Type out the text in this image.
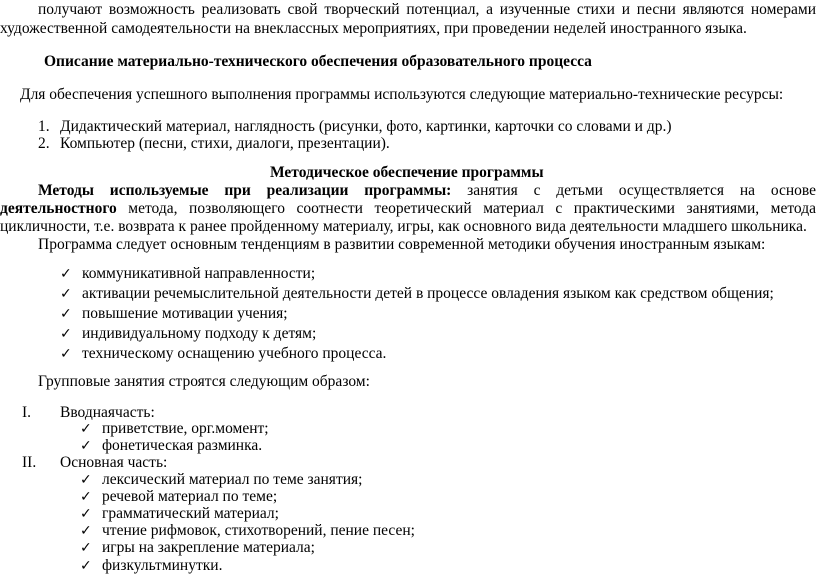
получают возможность реализовать свой творческий потенциал, а изученные стихи и песни являются номерами
художественной самодеятельности на внеклассных мероприятиях, при проведении неделей иностранного языка.
Описание материально-технического обеспечения образовательного процесса
Для обеспечения успешного выполнения программы используются следующие материально-технические ресурсы:
1. Дидактический материал, наглядность (рисунки, фото, картинки, карточки со словами и др.)
2. Компьютер (песни, стихи, диалоги, презентации).
Методическое обеспечение программы
Методы используемые при реализации программы: занятия с детьми осуществляется на основе
деятельностного метода, позволяющего соотнести теоретический материал с практическими занятиями, метода
цикличности, т.е. возврата к ранее пройденному материалу, игры, как основного вида деятельности младшего школьника.
Программа следует основным тенденциям в развитии современной методики обучения иностранным языкам:
✓ коммуникативной направленности;
✓ активации речемыслительной деятельности детей в процессе овладения языком как средством общения;
✓ повышение мотивации учения;
✓ индивидуальному подходу к детям;
✓ техническому оснащению учебного процесса.
Групповые занятия строятся следующим образом:
I. Вводнаячасть:
✓ приветствие, орг.момент;
✓ фонетическая разминка.
II. Основная часть:
✓ лексический материал по теме занятия;
✓ речевой материал по теме;
✓ грамматический материал;
✓ чтение рифмовок, стихотворений, пение песен;
✓ игры на закрепление материала;
✓ физкультминутки.
